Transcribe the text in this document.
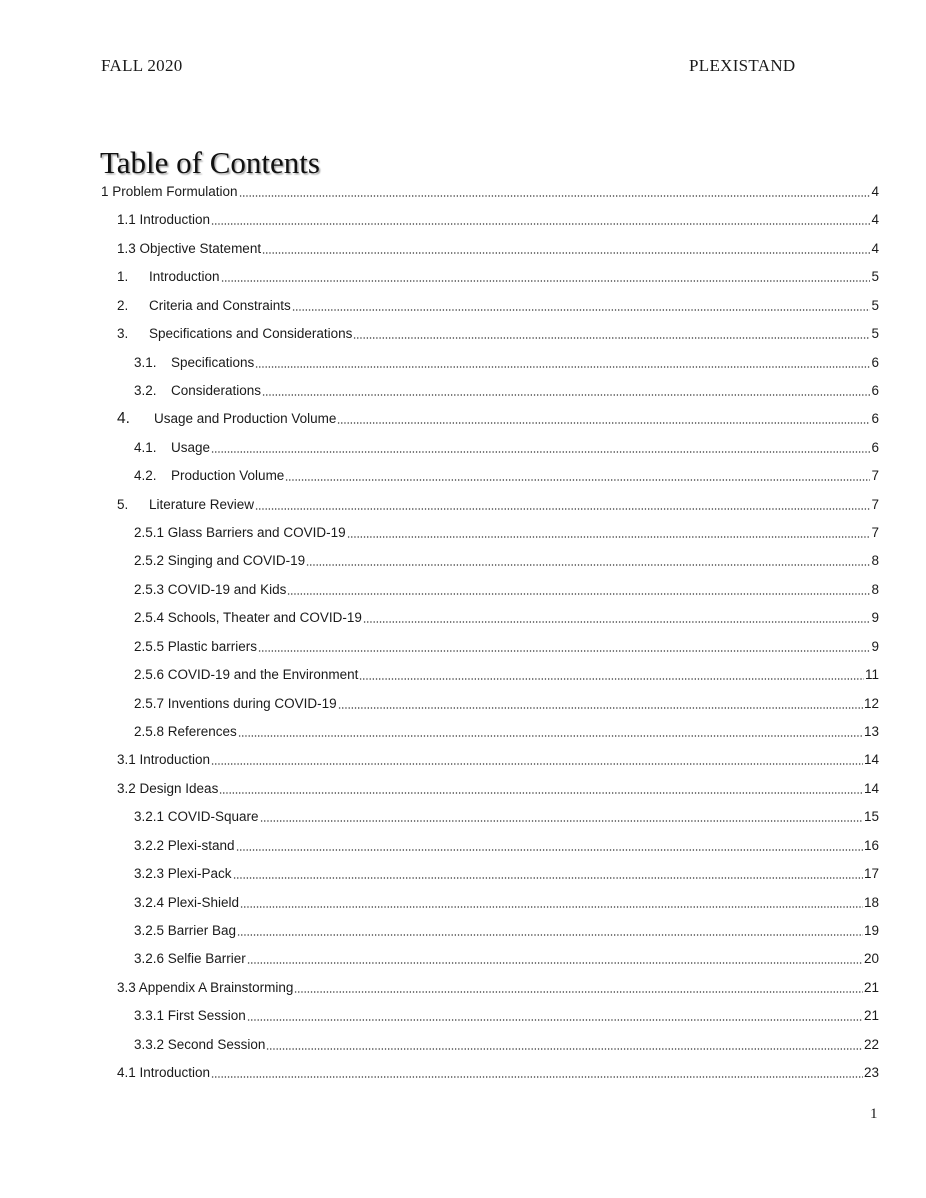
FALL 2020	PLEXISTAND
Table of Contents
1 Problem Formulation	4
1.1 Introduction	4
1.3 Objective Statement	4
1.	Introduction	5
2.	Criteria and Constraints	5
3.	Specifications and Considerations	5
3.1.	Specifications	6
3.2.	Considerations	6
4.	Usage and Production Volume	6
4.1.	Usage	6
4.2.	Production Volume	7
5.	Literature Review	7
2.5.1 Glass Barriers and COVID-19	7
2.5.2 Singing and COVID-19	8
2.5.3 COVID-19 and Kids	8
2.5.4 Schools, Theater and COVID-19	9
2.5.5 Plastic barriers	9
2.5.6 COVID-19 and the Environment	11
2.5.7 Inventions during COVID-19	12
2.5.8 References	13
3.1 Introduction	14
3.2 Design Ideas	14
3.2.1 COVID-Square	15
3.2.2 Plexi-stand	16
3.2.3 Plexi-Pack	17
3.2.4 Plexi-Shield	18
3.2.5 Barrier Bag	19
3.2.6 Selfie Barrier	20
3.3 Appendix A Brainstorming	21
3.3.1 First Session	21
3.3.2 Second Session	22
4.1 Introduction	23
1
